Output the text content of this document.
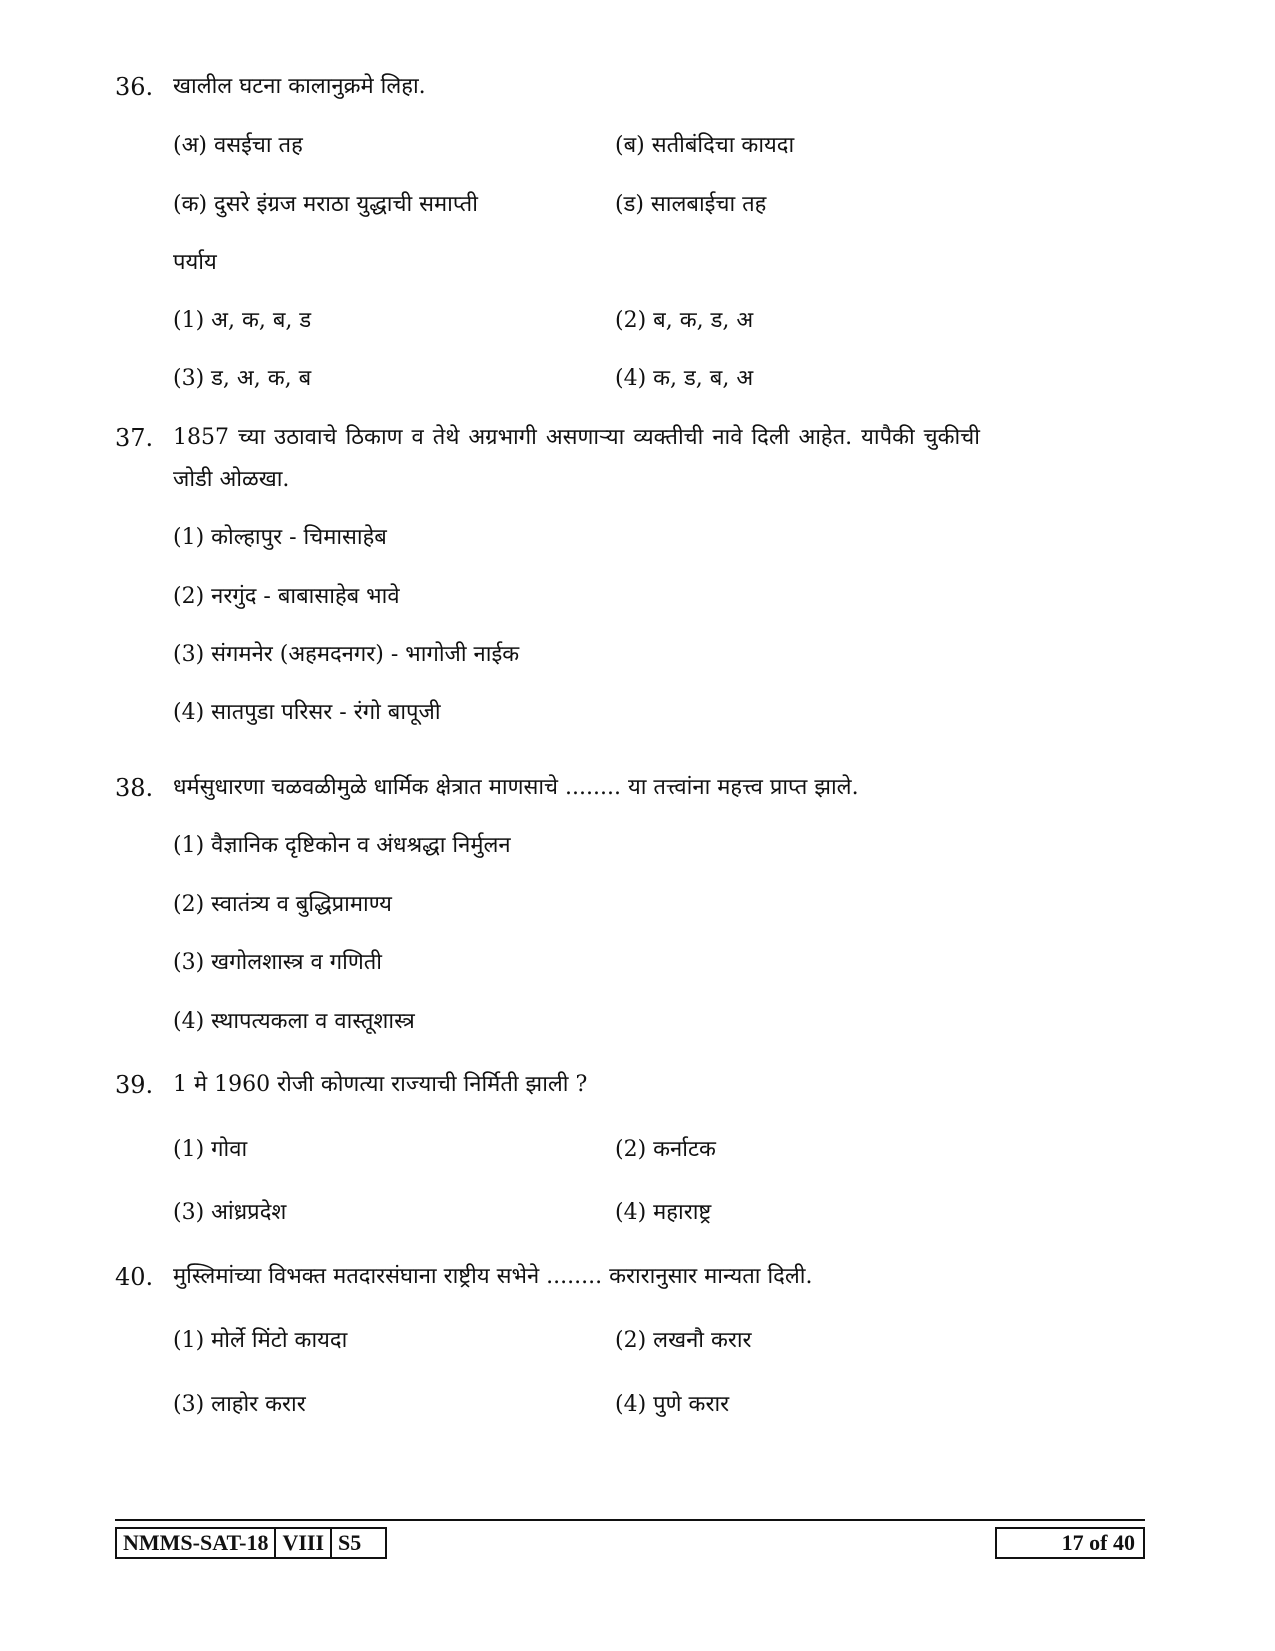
36. खालील घटना कालानुक्रमे लिहा.
(अ) वसईचा तह	(ब) सतीबंदिचा कायदा
(क) दुसरे इंग्रज मराठा युद्धाची समाप्ती	(ड) सालबाईचा तह
पर्याय
(1) अ, क, ब, ड	(2) ब, क, ड, अ
(3) ड, अ, क, ब	(4) क, ड, ब, अ
37. 1857 च्या उठावाचे ठिकाण व तेथे अग्रभागी असणाऱ्या व्यक्तीची नावे दिली आहेत. यापैकी चुकीची
जोडी ओळखा.
(1) कोल्हापुर - चिमासाहेब
(2) नरगुंद - बाबासाहेब भावे
(3) संगमनेर (अहमदनगर) - भागोजी नाईक
(4) सातपुडा परिसर - रंगो बापूजी
38. धर्मसुधारणा चळवळीमुळे धार्मिक क्षेत्रात माणसाचे ........ या तत्त्वांना महत्त्व प्राप्त झाले.
(1) वैज्ञानिक दृष्टिकोन व अंधश्रद्धा निर्मुलन
(2) स्वातंत्र्य व बुद्धिप्रामाण्य
(3) खगोलशास्त्र व गणिती
(4) स्थापत्यकला व वास्तूशास्त्र
39. 1 मे 1960 रोजी कोणत्या राज्याची निर्मिती झाली ?
(1) गोवा	(2) कर्नाटक
(3) आंध्रप्रदेश	(4) महाराष्ट्र
40. मुस्लिमांच्या विभक्त मतदारसंघाना राष्ट्रीय सभेने ........ करारानुसार मान्यता दिली.
(1) मोर्ले मिंटो कायदा	(2) लखनौ करार
(3) लाहोर करार	(4) पुणे करार
NMMS-SAT-18 VIII S5	17 of 40
